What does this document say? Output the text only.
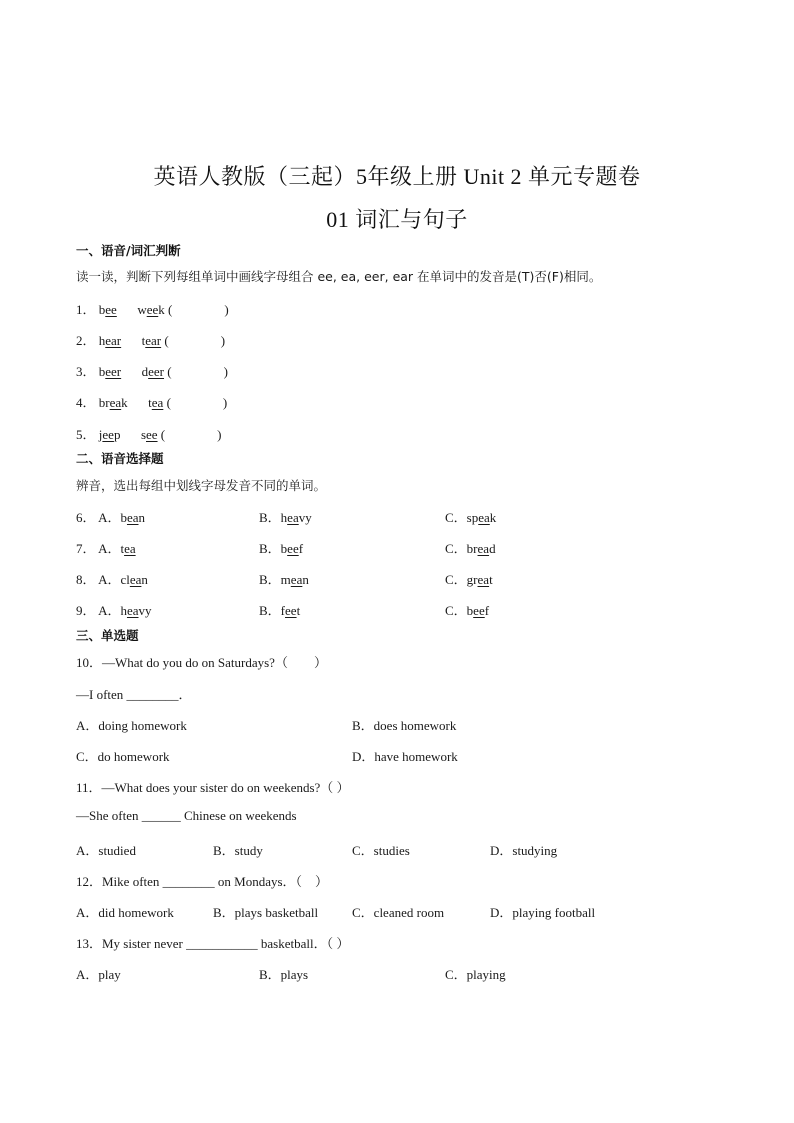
英语人教版（三起）5年级上册 Unit 2 单元专题卷
01 词汇与句子
一、语音/词汇判断
读一读，判断下列每组单词中画线字母组合 ee, ea, eer, ear 在单词中的发音是(T)否(F)相同。
1． bee week (　　　　)
2． hear tear (　　　　)
3． beer deer (　　　　)
4． break tea (　　　　)
5． jeep see (　　　　)
二、语音选择题
辨音，选出每组中划线字母发音不同的单词。
6． A．bean	B．heavy	C．speak
7． A．tea	B．beef	C．bread
8． A．clean	B．mean	C．great
9． A．heavy	B．feet	C．beef
三、单选题
10．—What do you do on Saturdays?（　　）
—I often ________．
A．doing homework	B．does homework
C．do homework	D．have homework
11．—What does your sister do on weekends?（ ）
—She often ______ Chinese on weekends
A．studied	B．study	C．studies	D．studying
12．Mike often ________ on Mondays．（　）
A．did homework	B．plays basketball	C．cleaned room	D．playing football
13．My sister never ___________ basketball．（ ）
A．play	B．plays	C．playing
